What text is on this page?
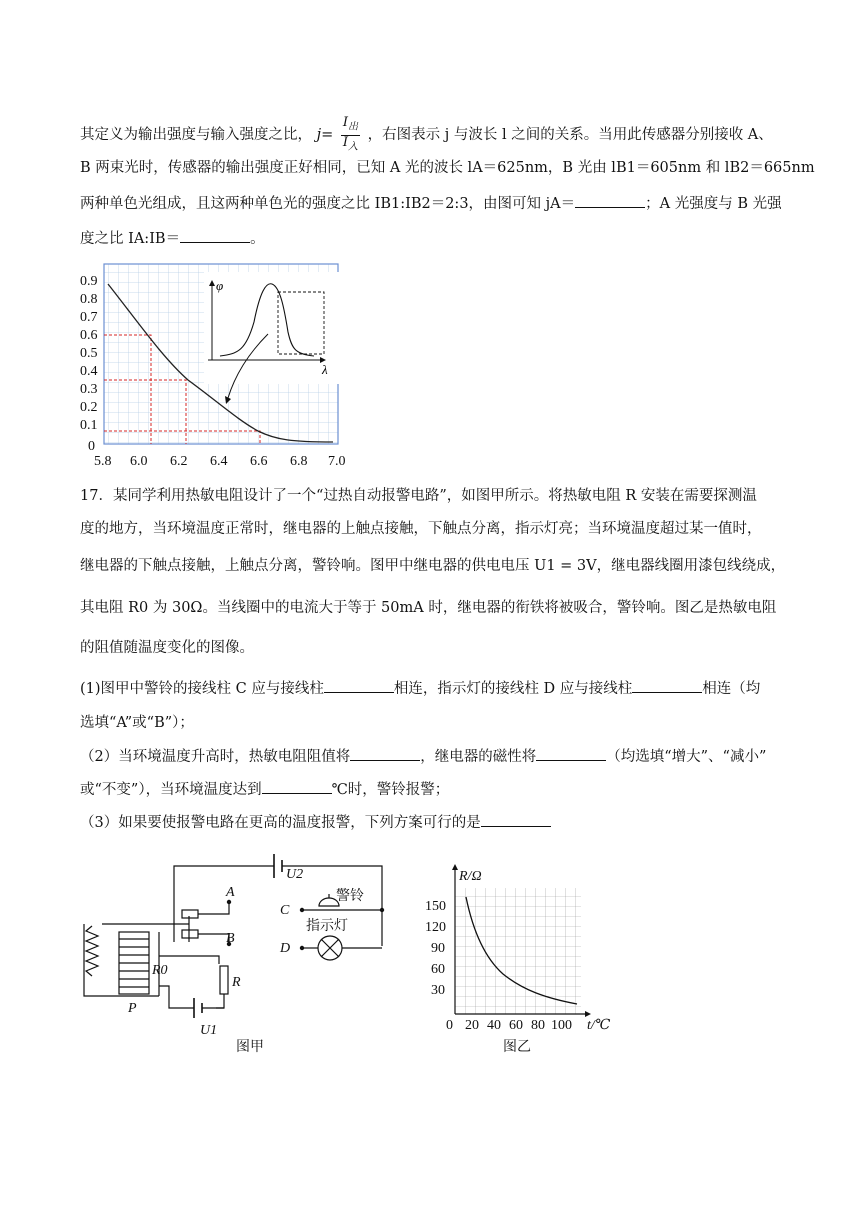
其定义为输出强度与输入强度之比， $j= \frac{I_出}{I_入}$ ，右图表示 j 与波长 l 之间的关系。当用此传感器分别接收 A、
B 两束光时，传感器的输出强度正好相同，已知 A 光的波长 lA＝625nm，B 光由 lB1＝605nm 和 lB2＝665nm
两种单色光组成，且这两种单色光的强度之比 IB1:IB2＝2:3，由图可知 jA＝	；A 光强度与 B 光强
度之比 IA:IB＝	。
0.9
0.8
0.7
0.6
0.5
0.4
0.3
0.2
0.1
0
5.8 6.0 6.2 6.4 6.6 6.8 7.0
φ
λ
17．某同学利用热敏电阻设计了一个“过热自动报警电路”，如图甲所示。将热敏电阻 R 安装在需要探测温
度的地方，当环境温度正常时，继电器的上触点接触，下触点分离，指示灯亮；当环境温度超过某一值时，
继电器的下触点接触，上触点分离，警铃响。图甲中继电器的供电电压 U1 = 3V，继电器线圈用漆包线绕成，
其电阻 R0 为 30Ω。当线圈中的电流大于等于 50mA 时，继电器的衔铁将被吸合，警铃响。图乙是热敏电阻
的阻值随温度变化的图像。
(1)图甲中警铃的接线柱 C 应与接线柱	相连，指示灯的接线柱 D 应与接线柱	相连（均
选填“A”或“B”）；
（2）当环境温度升高时，热敏电阻阻值将	，继电器的磁性将	（均选填“增大”、“减小”
或“不变”），当环境温度达到	℃时，警铃报警；
（3）如果要使报警电路在更高的温度报警，下列方案可行的是
U2
A
B
C
D
警铃
指示灯
R0
R
P
U1
图甲
R/Ω
150
120
90
60
30
0 20 40 60 80 100 t/℃
图乙
